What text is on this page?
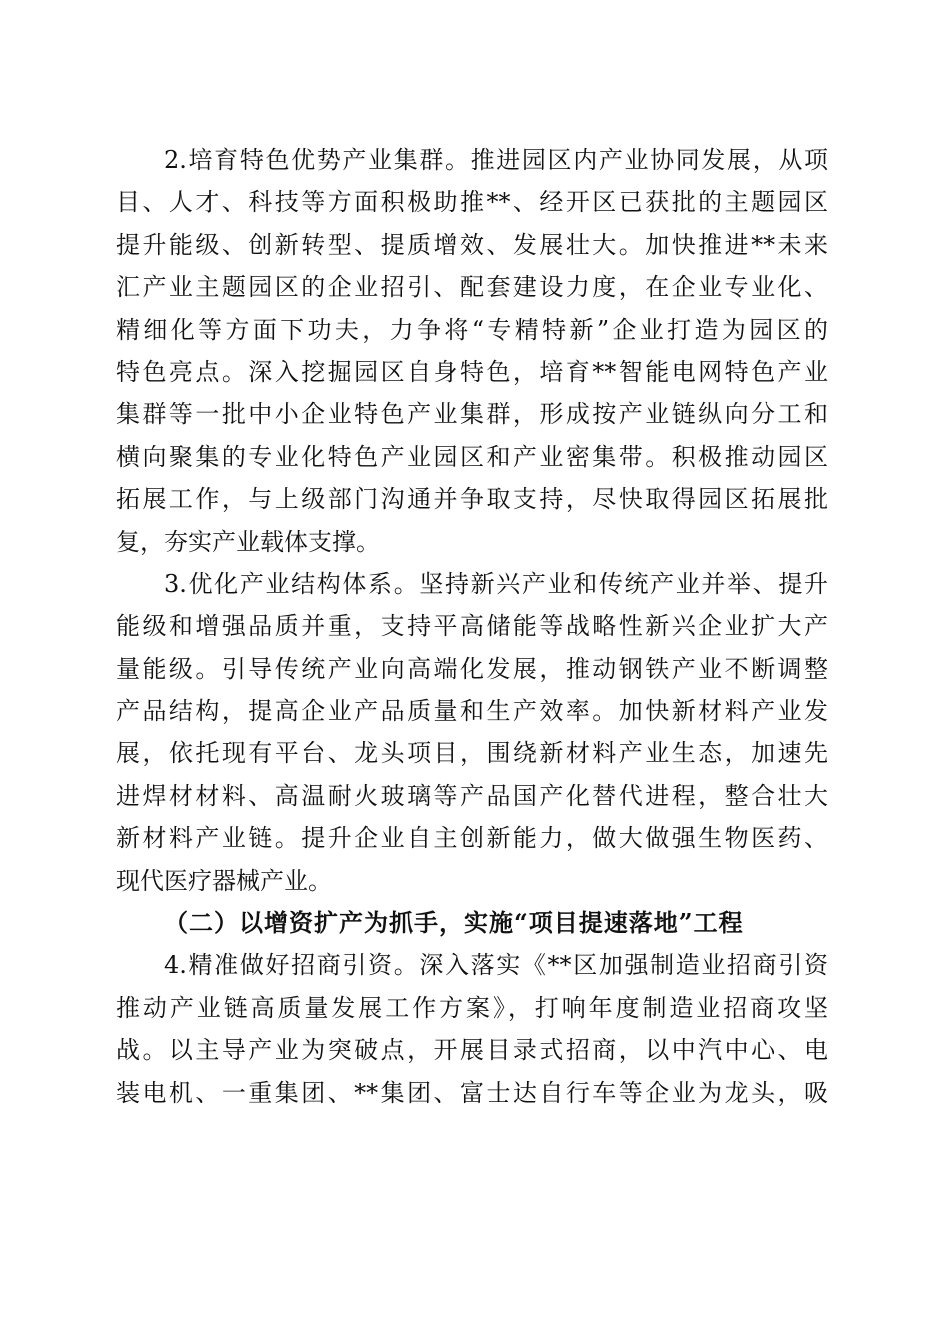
2.培育特色优势产业集群。推进园区内产业协同发展，从项
目、人才、科技等方面积极助推**、经开区已获批的主题园区
提升能级、创新转型、提质增效、发展壮大。加快推进**未来
汇产业主题园区的企业招引、配套建设力度，在企业专业化、
精细化等方面下功夫，力争将“专精特新”企业打造为园区的
特色亮点。深入挖掘园区自身特色，培育**智能电网特色产业
集群等一批中小企业特色产业集群，形成按产业链纵向分工和
横向聚集的专业化特色产业园区和产业密集带。积极推动园区
拓展工作，与上级部门沟通并争取支持，尽快取得园区拓展批
复，夯实产业载体支撑。
3.优化产业结构体系。坚持新兴产业和传统产业并举、提升
能级和增强品质并重，支持平高储能等战略性新兴企业扩大产
量能级。引导传统产业向高端化发展，推动钢铁产业不断调整
产品结构，提高企业产品质量和生产效率。加快新材料产业发
展，依托现有平台、龙头项目，围绕新材料产业生态，加速先
进焊材材料、高温耐火玻璃等产品国产化替代进程，整合壮大
新材料产业链。提升企业自主创新能力，做大做强生物医药、
现代医疗器械产业。
（二）以增资扩产为抓手，实施“项目提速落地”工程
4.精准做好招商引资。深入落实《**区加强制造业招商引资
推动产业链高质量发展工作方案》，打响年度制造业招商攻坚
战。以主导产业为突破点，开展目录式招商，以中汽中心、电
装电机、一重集团、**集团、富士达自行车等企业为龙头，吸
